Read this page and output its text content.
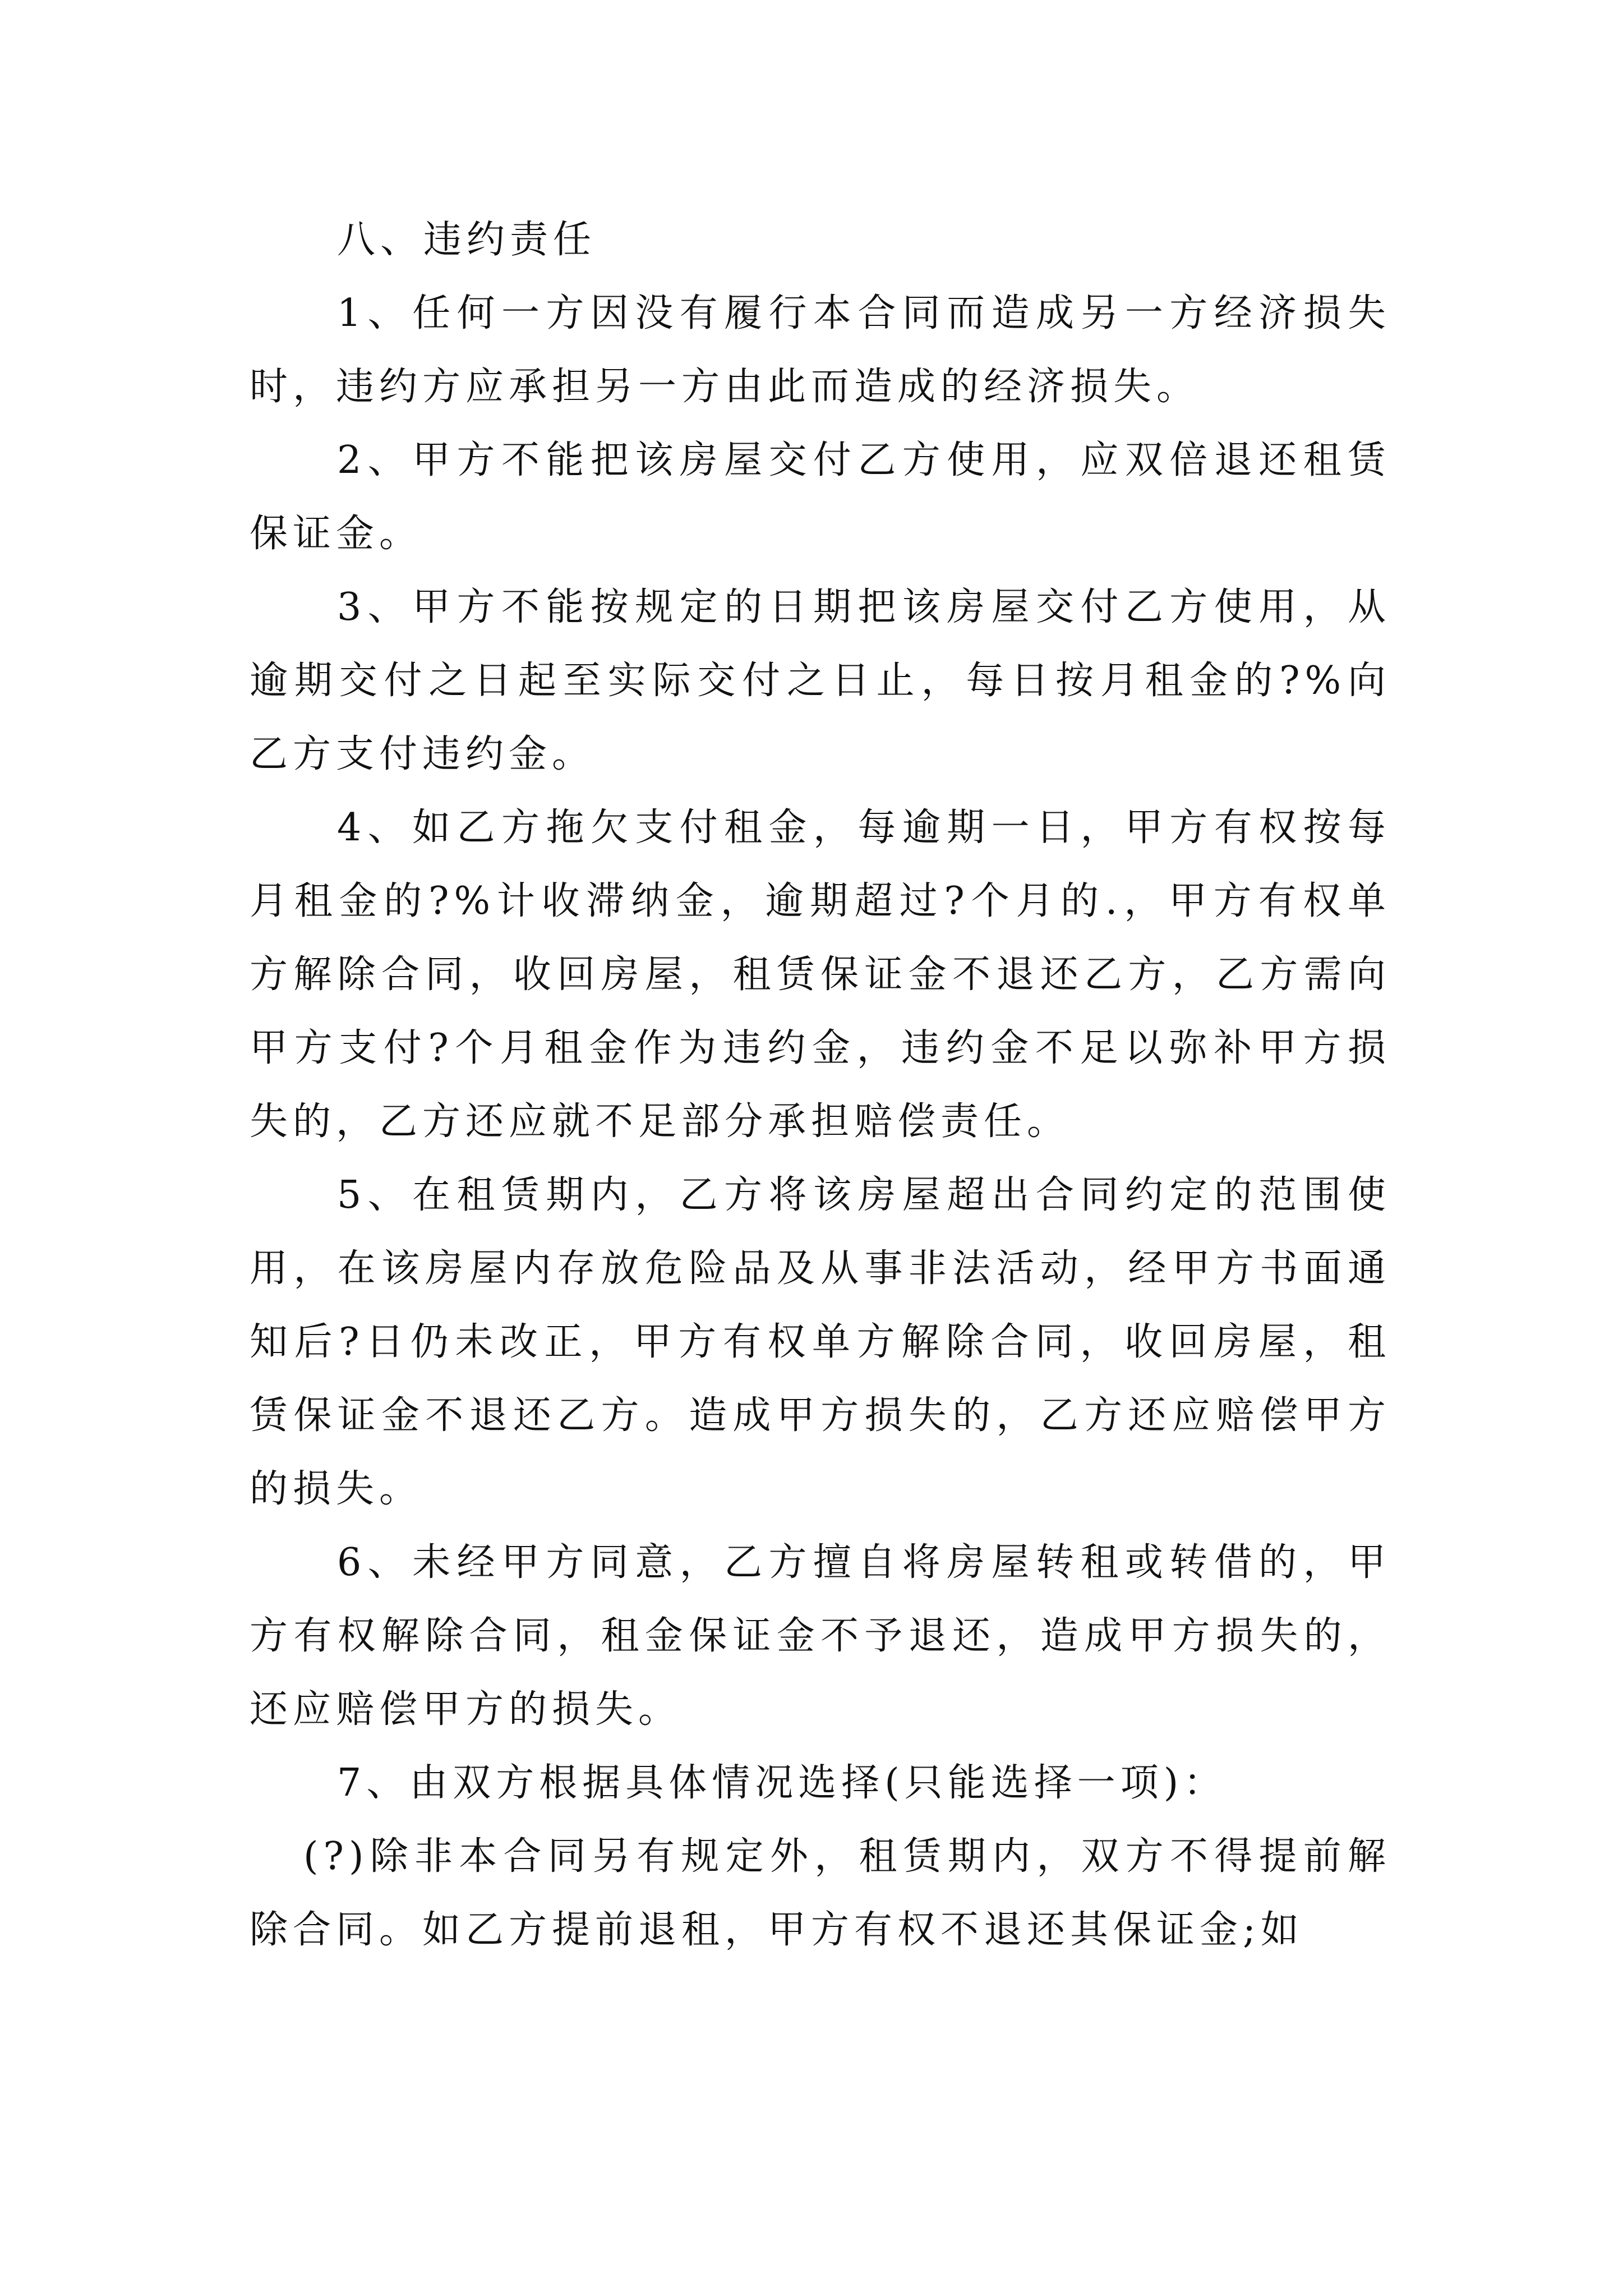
八、违约责任

1、任何一方因没有履行本合同而造成另一方经济损失时，违约方应承担另一方由此而造成的经济损失。

2、甲方不能把该房屋交付乙方使用，应双倍退还租赁保证金。

3、甲方不能按规定的日期把该房屋交付乙方使用，从逾期交付之日起至实际交付之日止，每日按月租金的?%向乙方支付违约金。

4、如乙方拖欠支付租金，每逾期一日，甲方有权按每月租金的?%计收滞纳金，逾期超过?个月的.，甲方有权单方解除合同，收回房屋，租赁保证金不退还乙方，乙方需向甲方支付?个月租金作为违约金，违约金不足以弥补甲方损失的，乙方还应就不足部分承担赔偿责任。

5、在租赁期内，乙方将该房屋超出合同约定的范围使用，在该房屋内存放危险品及从事非法活动，经甲方书面通知后?日仍未改正，甲方有权单方解除合同，收回房屋，租赁保证金不退还乙方。造成甲方损失的，乙方还应赔偿甲方的损失。

6、未经甲方同意，乙方擅自将房屋转租或转借的，甲方有权解除合同，租金保证金不予退还，造成甲方损失的，还应赔偿甲方的损失。

7、由双方根据具体情况选择(只能选择一项)：

(?)除非本合同另有规定外，租赁期内，双方不得提前解除合同。如乙方提前退租，甲方有权不退还其保证金;如
